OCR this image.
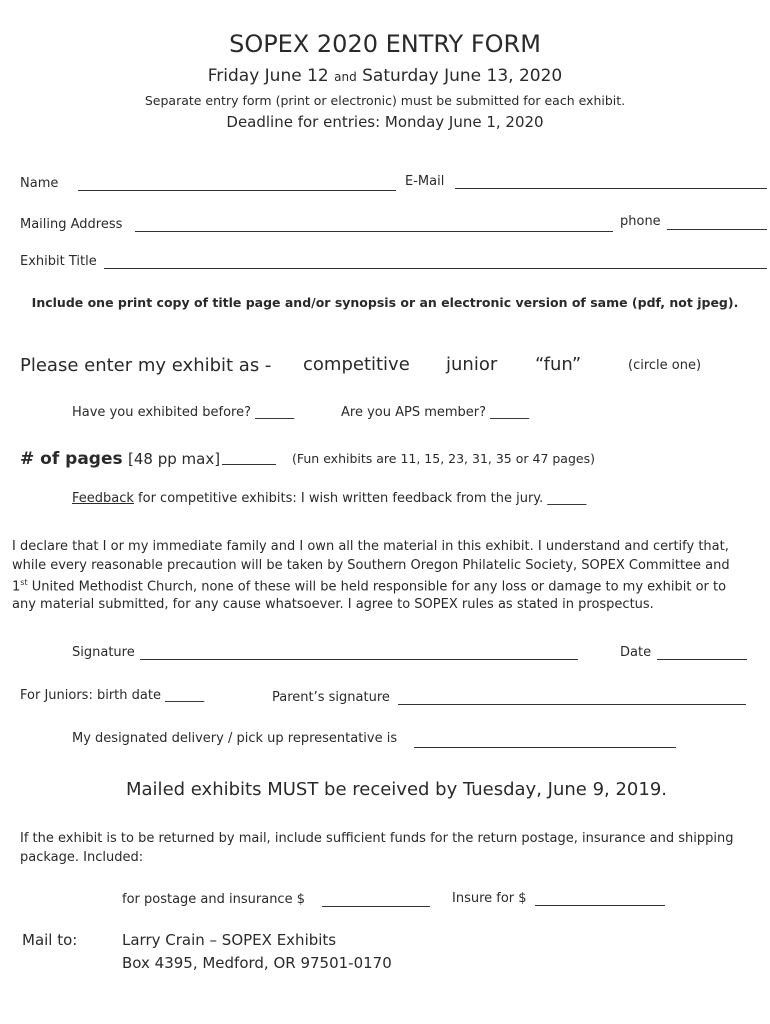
SOPEX 2020 ENTRY FORM
Friday June 12 and Saturday June 13, 2020
Separate entry form (print or electronic) must be submitted for each exhibit.
Deadline for entries: Monday June 1, 2020
Name	E-Mail
Mailing Address	phone
Exhibit Title
Include one print copy of title page and/or synopsis or an electronic version of same (pdf, not jpeg).
Please enter my exhibit as - competitive junior “fun”	(circle one)
Have you exhibited before? ______	Are you APS member? ______
# of pages [48 pp max]	(Fun exhibits are 11, 15, 23, 31, 35 or 47 pages)
Feedback for competitive exhibits: I wish written feedback from the jury. ______
I declare that I or my immediate family and I own all the material in this exhibit. I understand and certify that,
while every reasonable precaution will be taken by Southern Oregon Philatelic Society, SOPEX Committee and
1st United Methodist Church, none of these will be held responsible for any loss or damage to my exhibit or to
any material submitted, for any cause whatsoever. I agree to SOPEX rules as stated in prospectus.
Signature	Date
For Juniors: birth date ______	Parent’s signature
My designated delivery / pick up representative is
Mailed exhibits MUST be received by Tuesday, June 9, 2019.
If the exhibit is to be returned by mail, include sufficient funds for the return postage, insurance and shipping
package. Included:
for postage and insurance $	Insure for $
Mail to:	Larry Crain – SOPEX Exhibits
Box 4395, Medford, OR 97501-0170
